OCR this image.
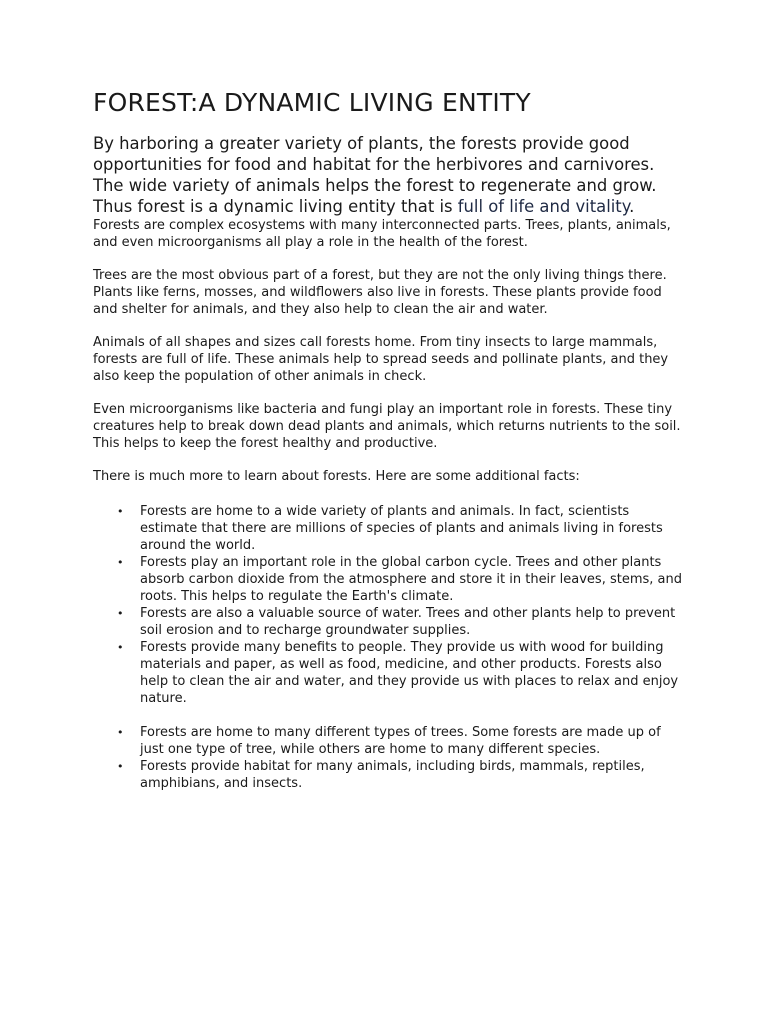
FOREST:A DYNAMIC LIVING ENTITY

By harboring a greater variety of plants, the forests provide good opportunities for food and habitat for the herbivores and carnivores. The wide variety of animals helps the forest to regenerate and grow. Thus forest is a dynamic living entity that is full of life and vitality. Forests are complex ecosystems with many interconnected parts. Trees, plants, animals, and even microorganisms all play a role in the health of the forest.

Trees are the most obvious part of a forest, but they are not the only living things there. Plants like ferns, mosses, and wildflowers also live in forests. These plants provide food and shelter for animals, and they also help to clean the air and water.

Animals of all shapes and sizes call forests home. From tiny insects to large mammals, forests are full of life. These animals help to spread seeds and pollinate plants, and they also keep the population of other animals in check.

Even microorganisms like bacteria and fungi play an important role in forests. These tiny creatures help to break down dead plants and animals, which returns nutrients to the soil. This helps to keep the forest healthy and productive.

There is much more to learn about forests. Here are some additional facts:

• Forests are home to a wide variety of plants and animals. In fact, scientists estimate that there are millions of species of plants and animals living in forests around the world.
• Forests play an important role in the global carbon cycle. Trees and other plants absorb carbon dioxide from the atmosphere and store it in their leaves, stems, and roots. This helps to regulate the Earth's climate.
• Forests are also a valuable source of water. Trees and other plants help to prevent soil erosion and to recharge groundwater supplies.
• Forests provide many benefits to people. They provide us with wood for building materials and paper, as well as food, medicine, and other products. Forests also help to clean the air and water, and they provide us with places to relax and enjoy nature.
• Forests are home to many different types of trees. Some forests are made up of just one type of tree, while others are home to many different species.
• Forests provide habitat for many animals, including birds, mammals, reptiles, amphibians, and insects.
